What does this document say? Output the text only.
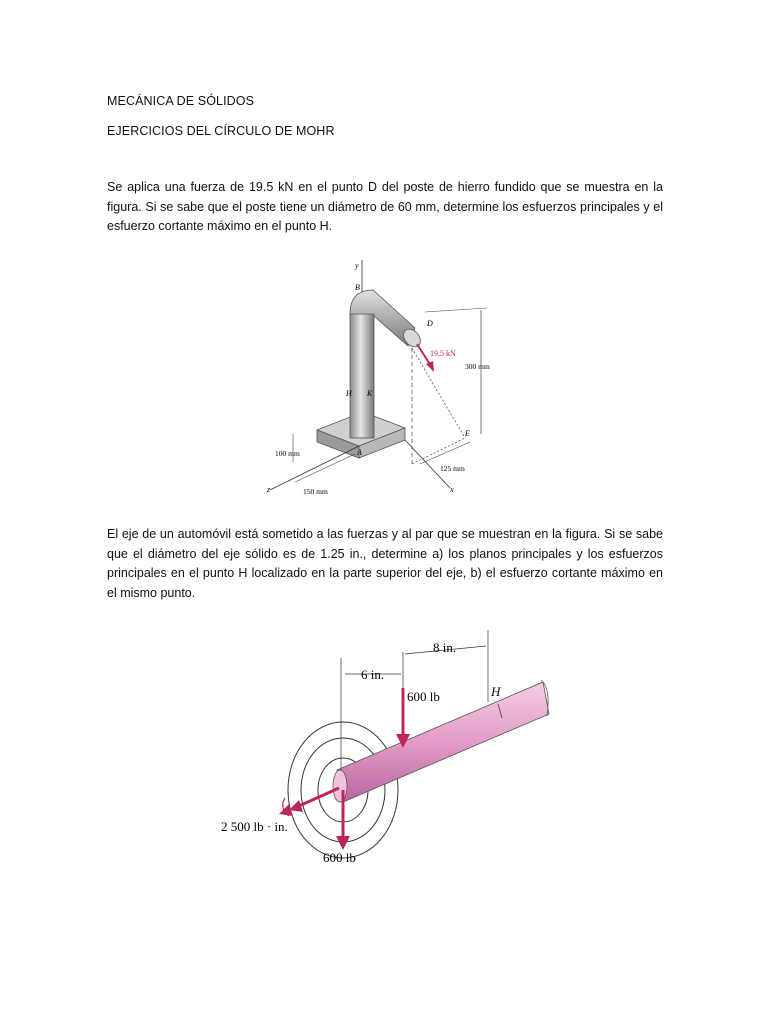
MECÁNICA DE SÓLIDOS
EJERCICIOS DEL CÍRCULO DE MOHR
Se aplica una fuerza de 19.5 kN en el punto D del poste de hierro fundido que se muestra en la figura. Si se sabe que el poste tiene un diámetro de 60 mm, determine los esfuerzos principales y el esfuerzo cortante máximo en el punto H.
y
B
D
19.5 kN
300 mm
E
H K
A
z	x
100 mm
150 mm
125 mm
El eje de un automóvil está sometido a las fuerzas y al par que se muestran en la figura. Si se sabe que el diámetro del eje sólido es de 1.25 in., determine a) los planos principales y los esfuerzos principales en el punto H localizado en la parte superior del eje, b) el esfuerzo cortante máximo en el mismo punto.
H
6 in.
8 in.
600 lb
600 lb
2 500 lb · in.
